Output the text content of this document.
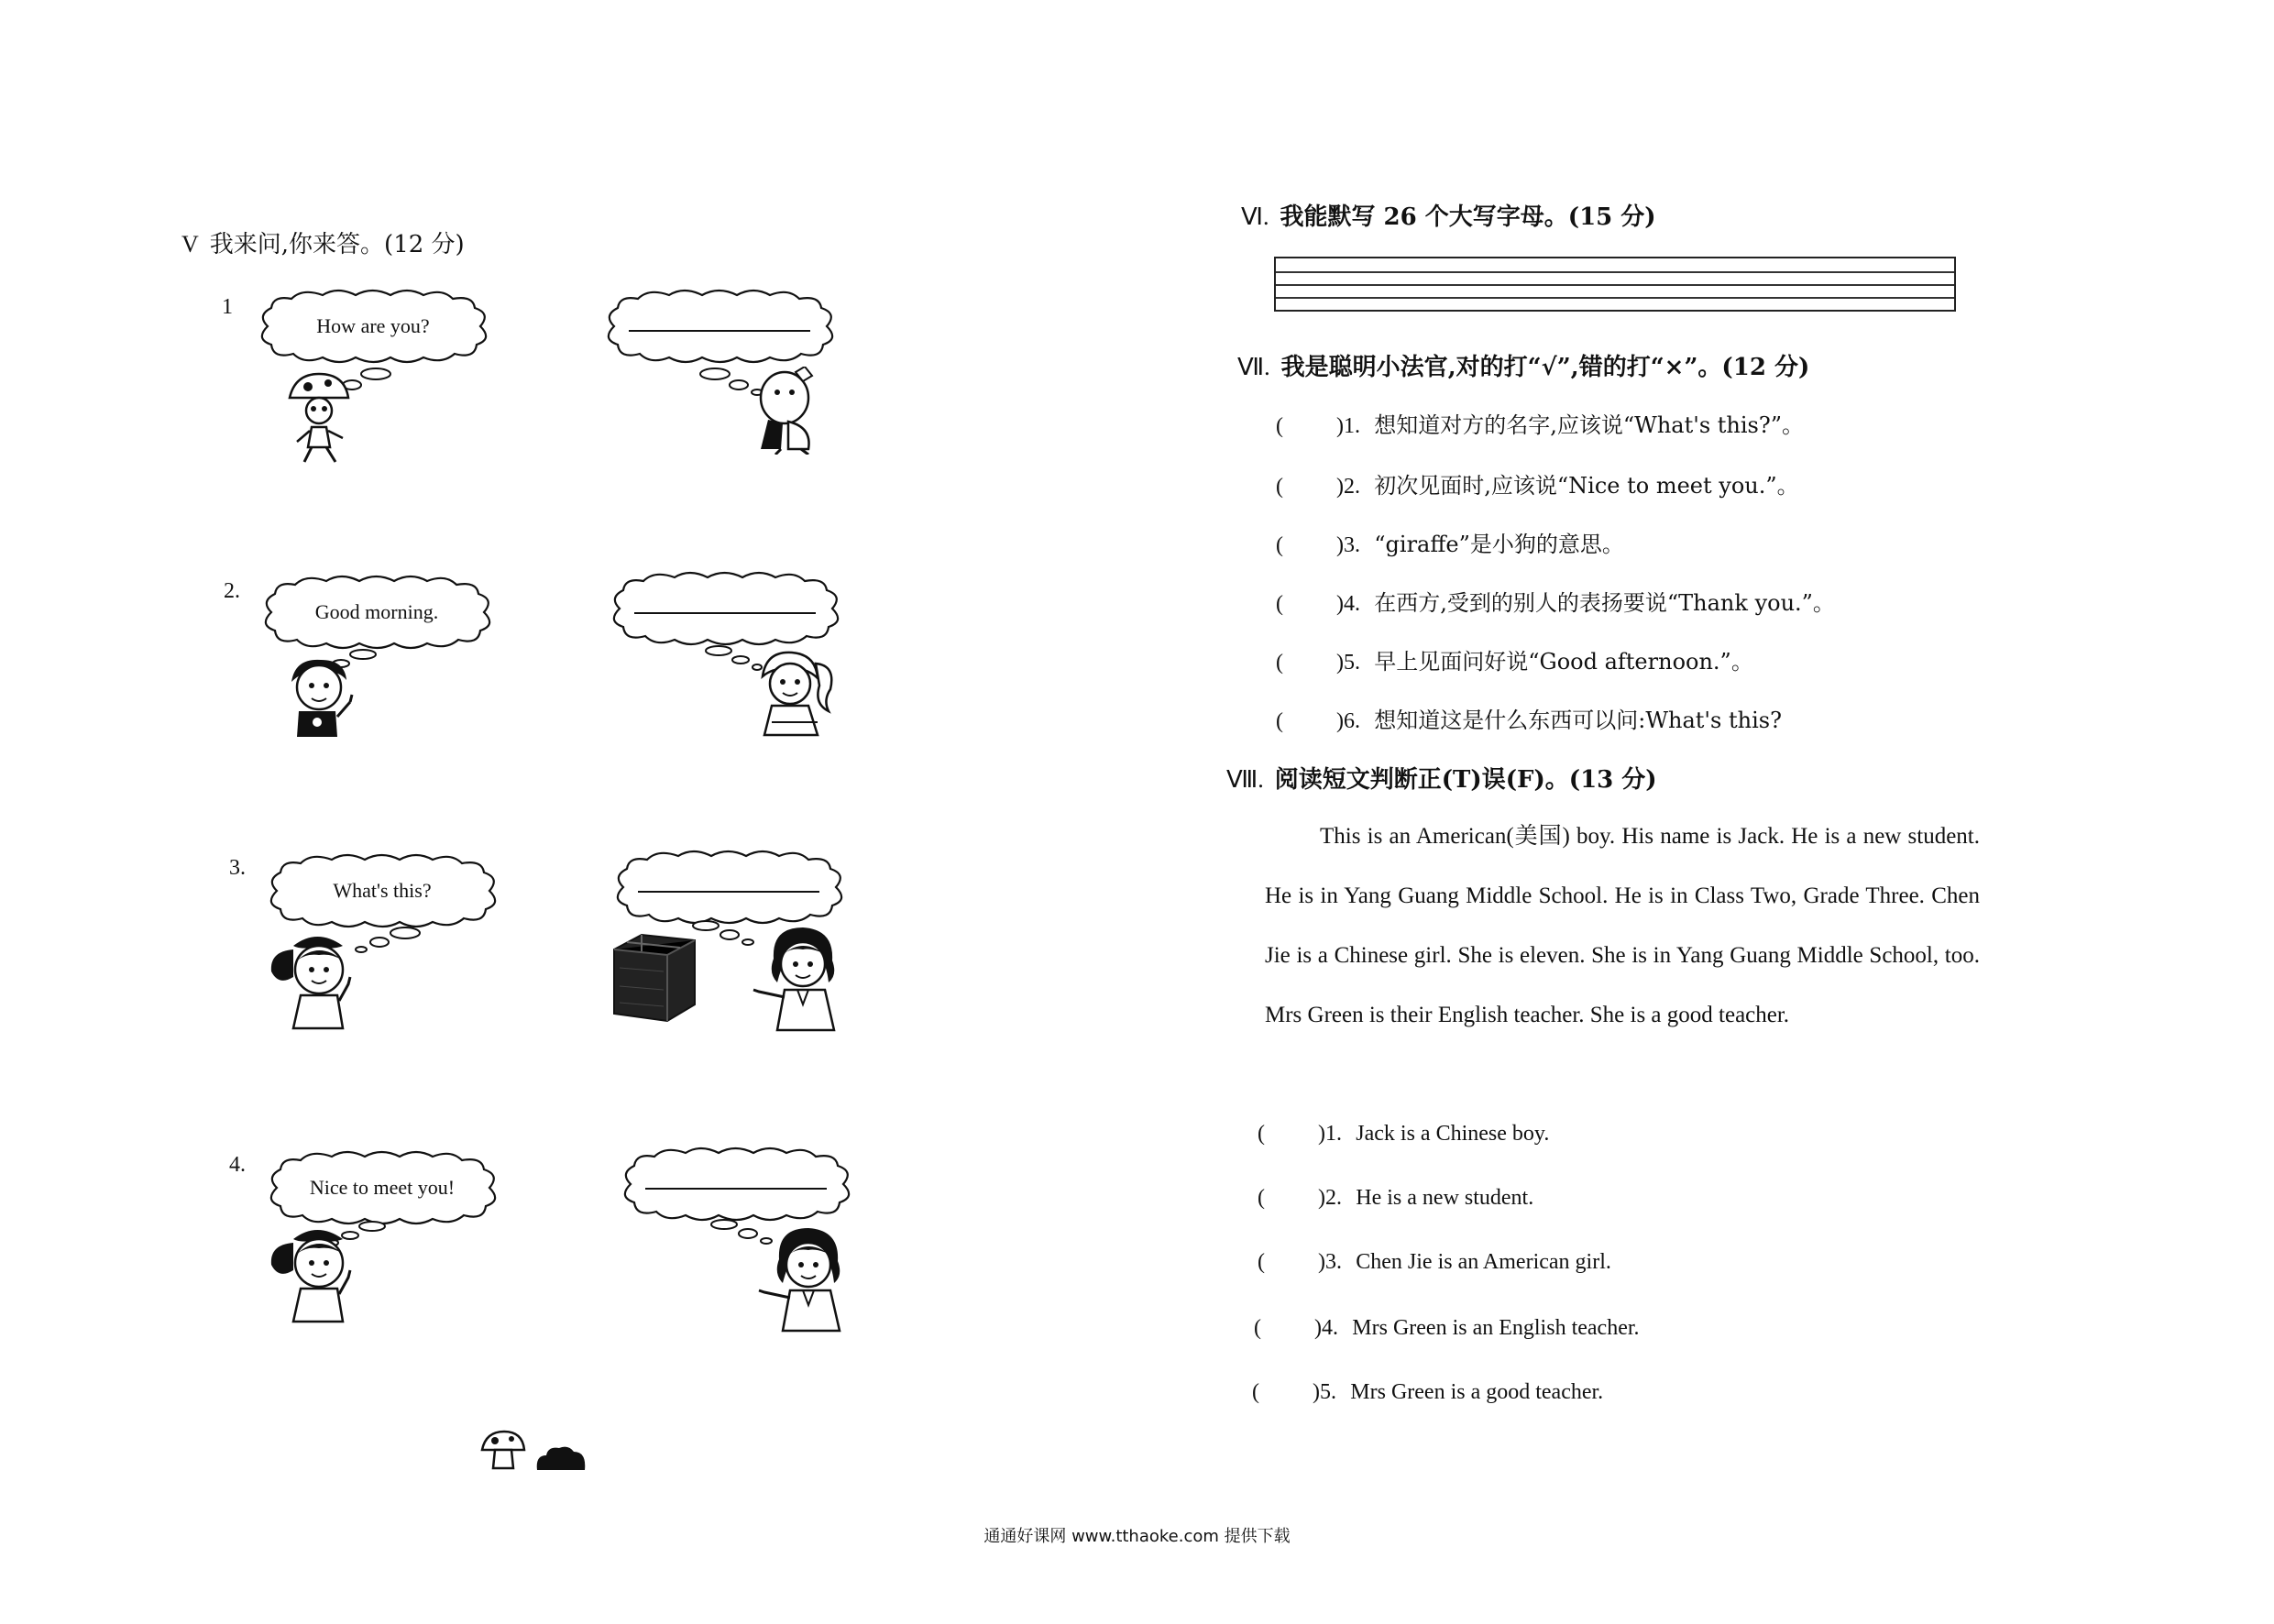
V 我来问,你来答。(12 分)
1
How are you?
2.
Good morning.
3.
What's this?
4.
Nice to meet you!
Ⅵ. 我能默写 26 个大写字母。(15 分)
Ⅶ. 我是聪明小法官,对的打“√”,错的打“×”。(12 分)
( )1. 想知道对方的名字,应该说“What's this?”。
( )2. 初次见面时,应该说“Nice to meet you.”。
( )3. “giraffe”是小狗的意思。
( )4. 在西方,受到的别人的表扬要说“Thank you.”。
( )5. 早上见面问好说“Good afternoon.”。
( )6. 想知道这是什么东西可以问:What's this?
Ⅷ. 阅读短文判断正(T)误(F)。(13 分)

This is an American(美国) boy. His name is Jack. He is a new student. He is in Yang Guang Middle School. He is in Class Two, Grade Three. Chen Jie is a Chinese girl. She is eleven. She is in Yang Guang Middle School, too. Mrs Green is their English teacher. She is a good teacher.

( )1. Jack is a Chinese boy.
( )2. He is a new student.
( )3. Chen Jie is an American girl.
( )4. Mrs Green is an English teacher.
( )5. Mrs Green is a good teacher.
通通好课网 www.tthaoke.com 提供下载
